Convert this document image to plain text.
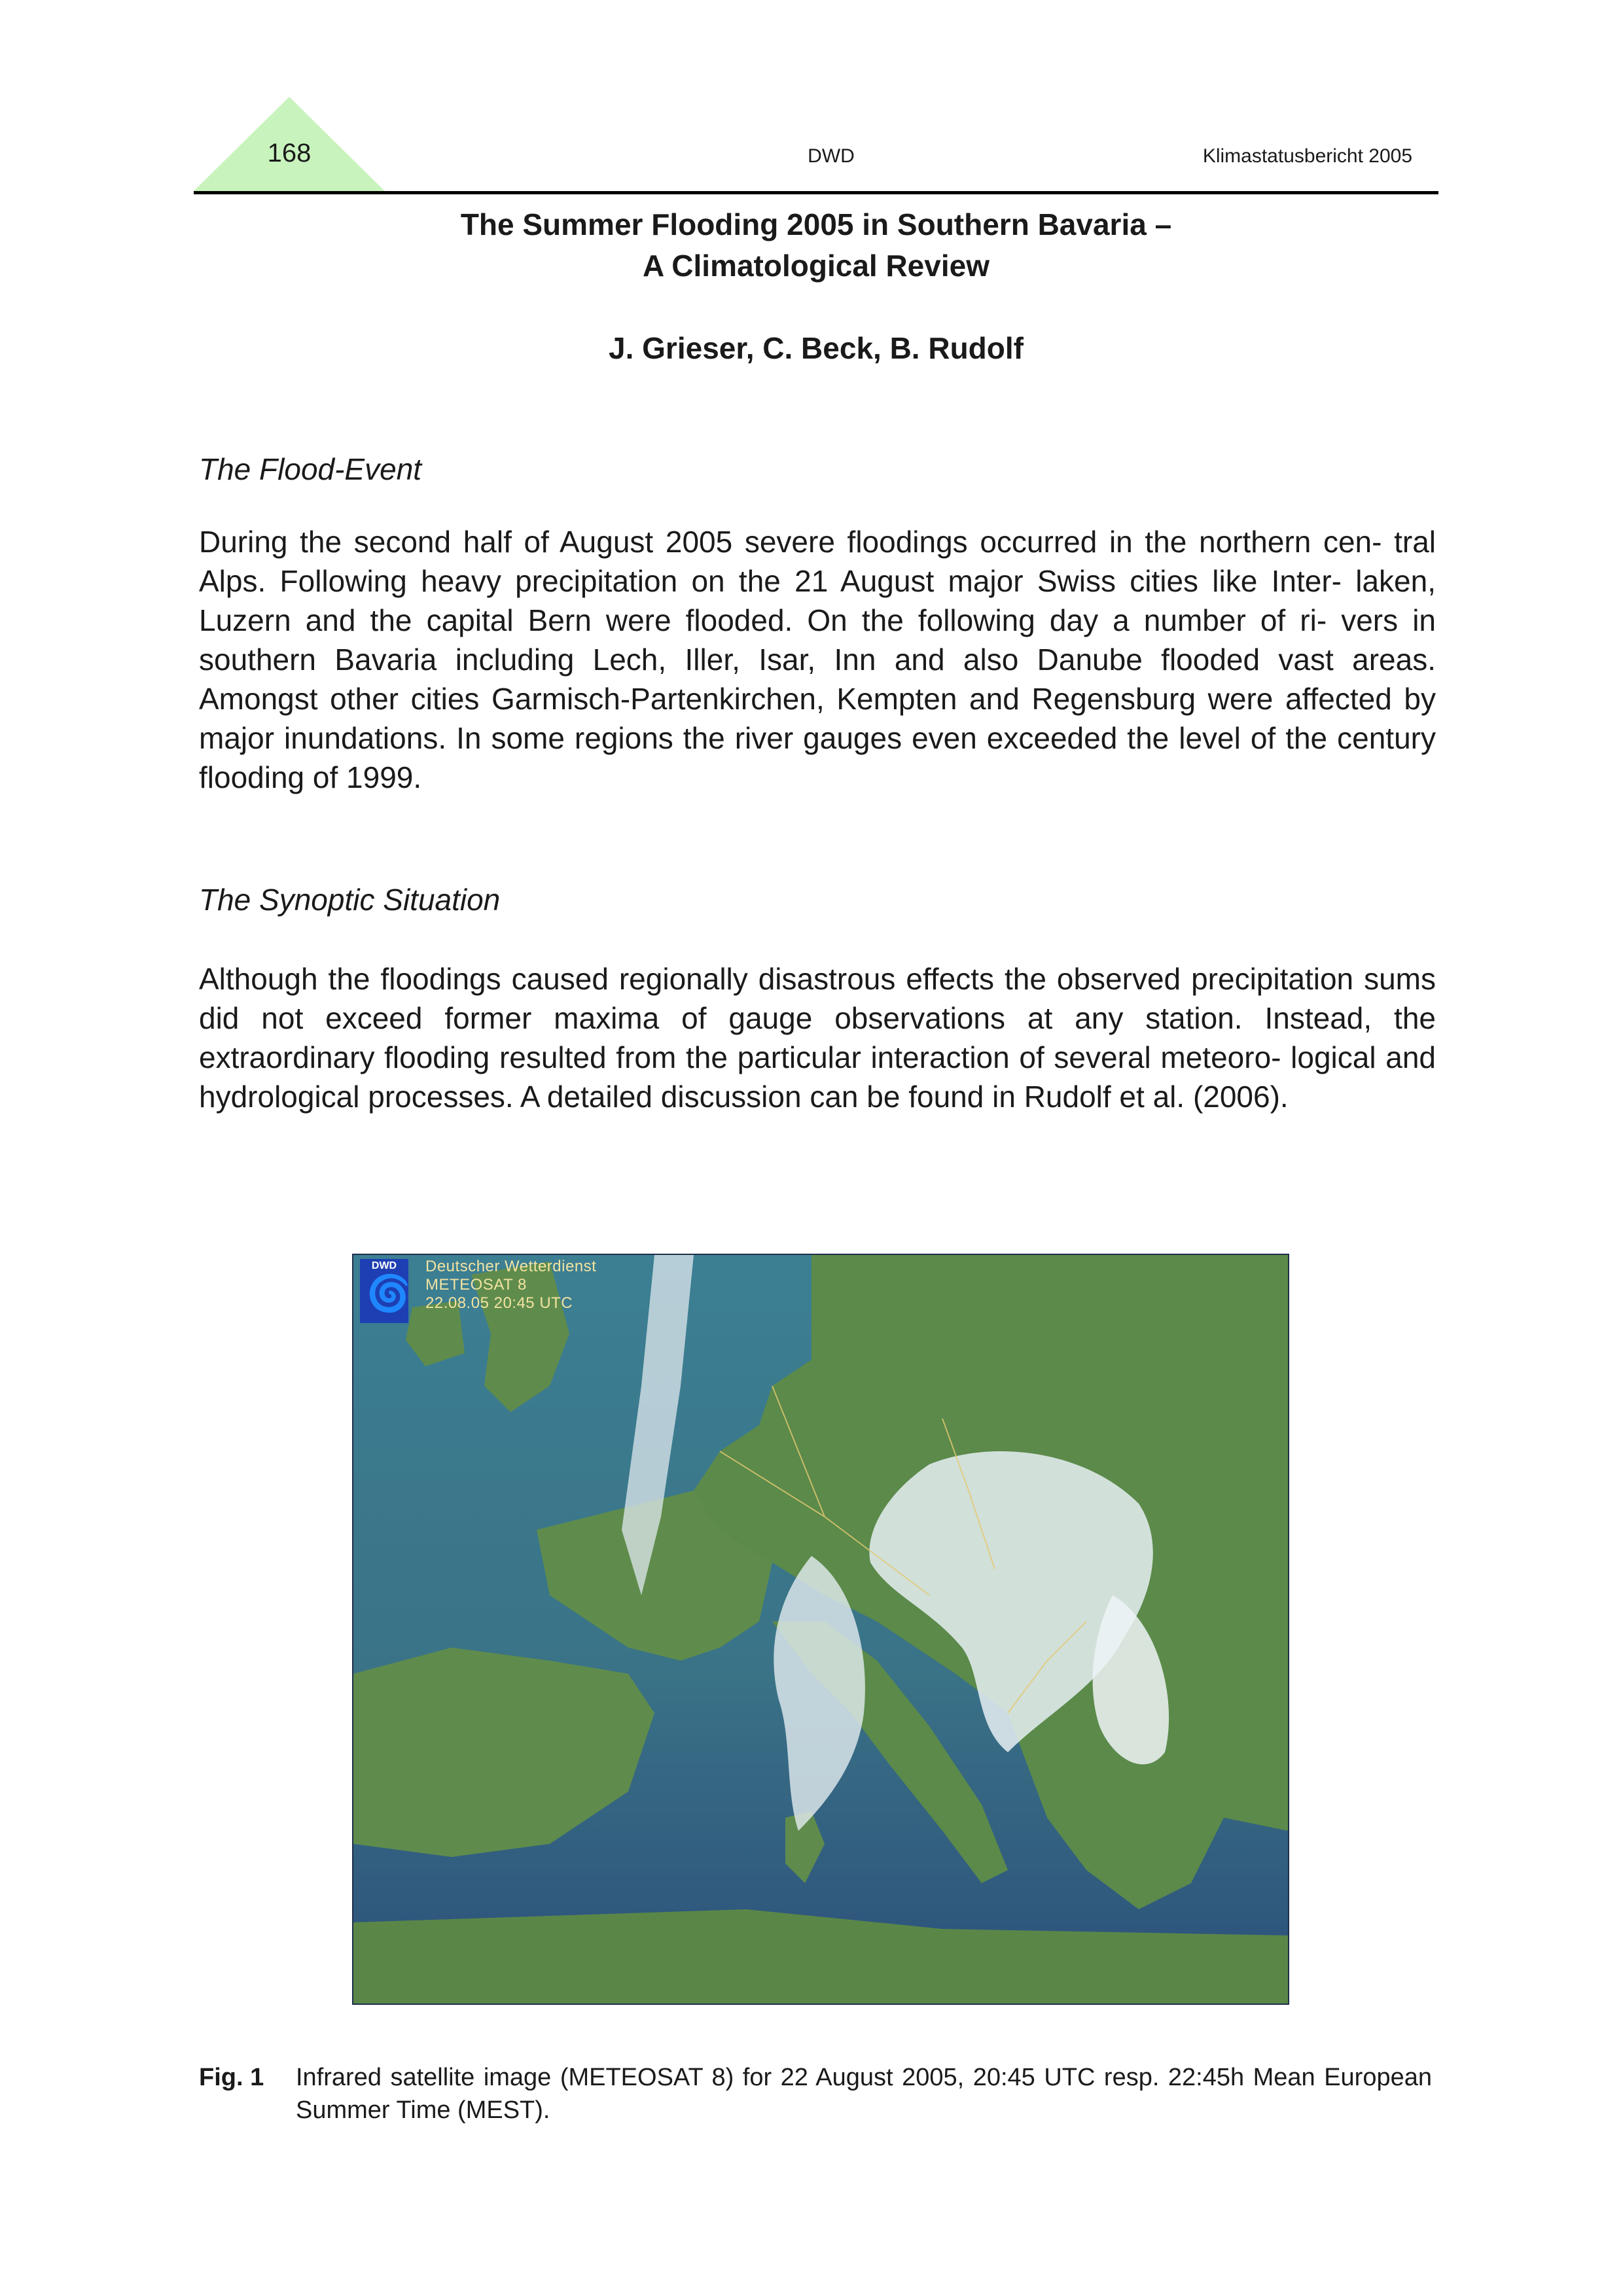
168	DWD	Klimastatusbericht 2005
The Summer Flooding 2005 in Southern Bavaria –
A Climatological Review
J. Grieser, C. Beck, B. Rudolf
The Flood-Event
During the second half of August 2005 severe floodings occurred in the northern cen- tral Alps. Following heavy precipitation on the 21 August major Swiss cities like Inter- laken, Luzern and the capital Bern were flooded. On the following day a number of ri- vers in southern Bavaria including Lech, Iller, Isar, Inn and also Danube flooded vast areas. Amongst other cities Garmisch-Partenkirchen, Kempten and Regensburg were affected by major inundations. In some regions the river gauges even exceeded the level of the century flooding of 1999.
The Synoptic Situation
Although the floodings caused regionally disastrous effects the observed precipitation sums did not exceed former maxima of gauge observations at any station. Instead, the extraordinary flooding resulted from the particular interaction of several meteoro- logical and hydrological processes. A detailed discussion can be found in Rudolf et al. (2006).
DWD
🌀
Deutscher Wetterdienst
METEOSAT 8
22.08.05 20:45 UTC
Fig. 1 Infrared satellite image (METEOSAT 8) for 22 August 2005, 20:45 UTC resp. 22:45h Mean European Summer Time (MEST).
